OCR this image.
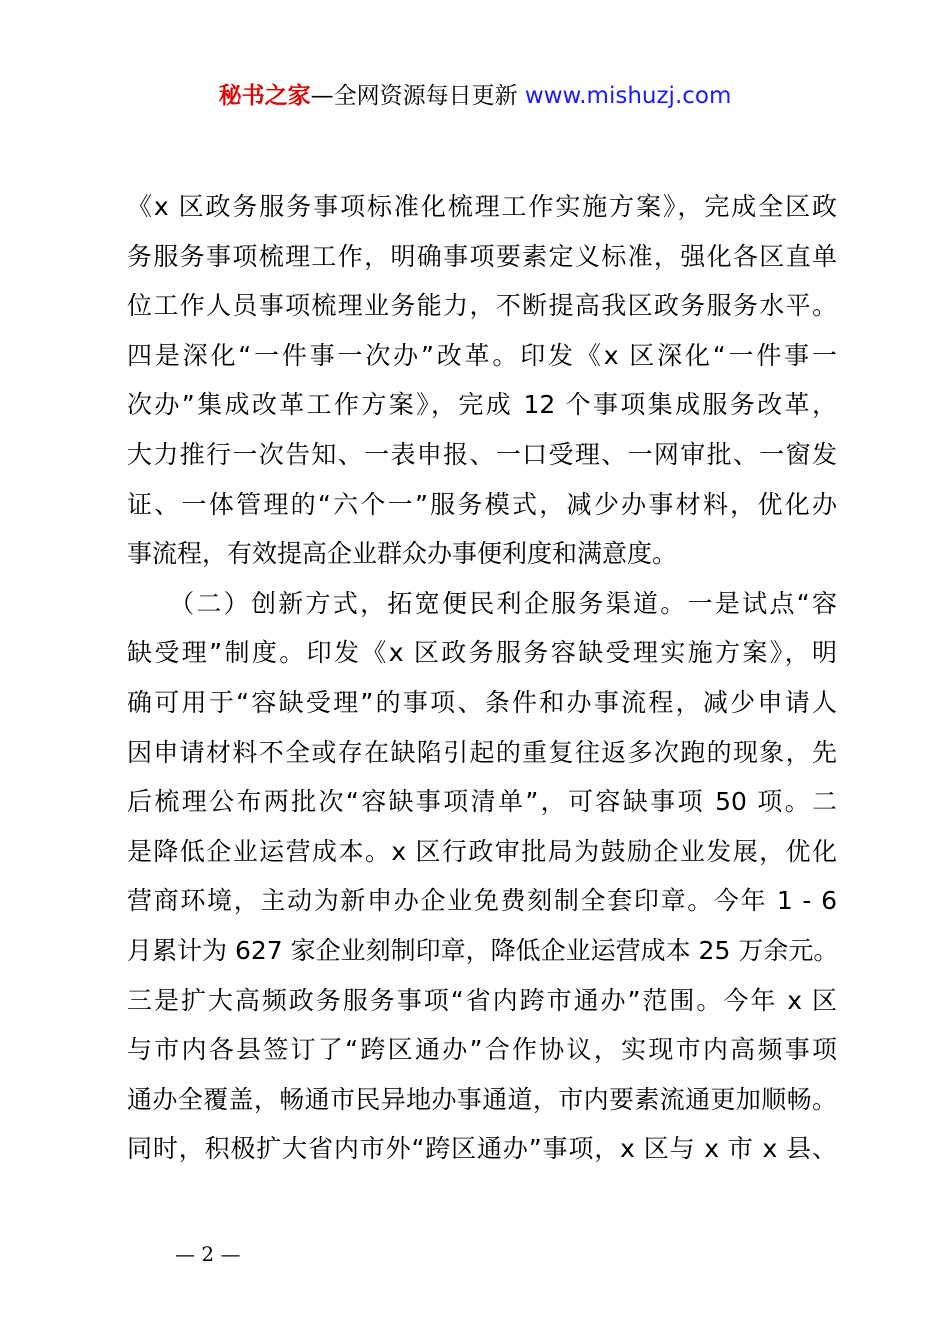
秘书之家—全网资源每日更新 www.mishuzj.com
《x 区政务服务事项标准化梳理工作实施方案》，完成全区政
务服务事项梳理工作，明确事项要素定义标准，强化各区直单
位工作人员事项梳理业务能力，不断提高我区政务服务水平。
四是深化“一件事一次办”改革。印发《x 区深化“一件事一
次办”集成改革工作方案》，完成 12 个事项集成服务改革，
大力推行一次告知、一表申报、一口受理、一网审批、一窗发
证、一体管理的“六个一”服务模式，减少办事材料，优化办
事流程，有效提高企业群众办事便利度和满意度。
　　（二）创新方式，拓宽便民利企服务渠道。一是试点“容
缺受理”制度。印发《x 区政务服务容缺受理实施方案》，明
确可用于“容缺受理”的事项、条件和办事流程，减少申请人
因申请材料不全或存在缺陷引起的重复往返多次跑的现象，先
后梳理公布两批次“容缺事项清单”，可容缺事项 50 项。二
是降低企业运营成本。x 区行政审批局为鼓励企业发展，优化
营商环境，主动为新申办企业免费刻制全套印章。今年 1 - 6
月累计为 627 家企业刻制印章，降低企业运营成本 25 万余元。
三是扩大高频政务服务事项“省内跨市通办”范围。今年 x 区
与市内各县签订了“跨区通办”合作协议，实现市内高频事项
通办全覆盖，畅通市民异地办事通道，市内要素流通更加顺畅。
同时，积极扩大省内市外“跨区通办”事项，x 区与 x 市 x 县、
— 2 —
